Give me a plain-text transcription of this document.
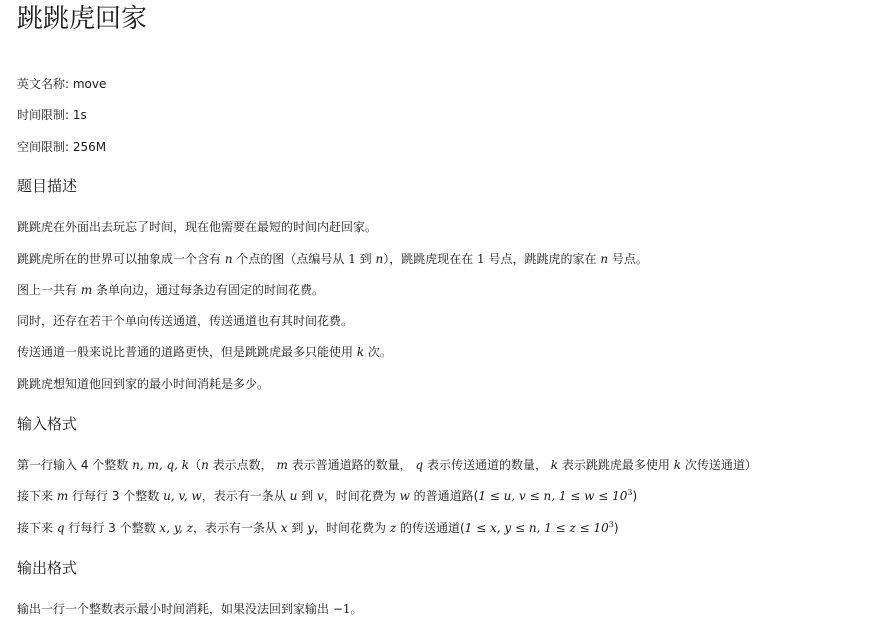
跳跳虎回家
英文名称: move
时间限制: 1s
空间限制: 256M
题目描述
跳跳虎在外面出去玩忘了时间，现在他需要在最短的时间内赶回家。
跳跳虎所在的世界可以抽象成一个含有 n 个点的图（点编号从 1 到 n），跳跳虎现在在 1 号点，跳跳虎的家在 n 号点。
图上一共有 m 条单向边，通过每条边有固定的时间花费。
同时，还存在若干个单向传送通道，传送通道也有其时间花费。
传送通道一般来说比普通的道路更快，但是跳跳虎最多只能使用 k 次。
跳跳虎想知道他回到家的最小时间消耗是多少。
输入格式
第一行输入 4 个整数 n, m, q, k（n 表示点数， m 表示普通道路的数量， q 表示传送通道的数量， k 表示跳跳虎最多使用 k 次传送通道）
接下来 m 行每行 3 个整数 u, v, w，表示有一条从 u 到 v，时间花费为 w 的普通道路(1 ≤ u, v ≤ n, $1 \le w \le 10^3$)
接下来 q 行每行 3 个整数 x, y, z，表示有一条从 x 到 y，时间花费为 z 的传送通道(1 ≤ x, y ≤ n, $1 \le z \le 10^3$)
输出格式
输出一行一个整数表示最小时间消耗，如果没法回到家输出 −1。
